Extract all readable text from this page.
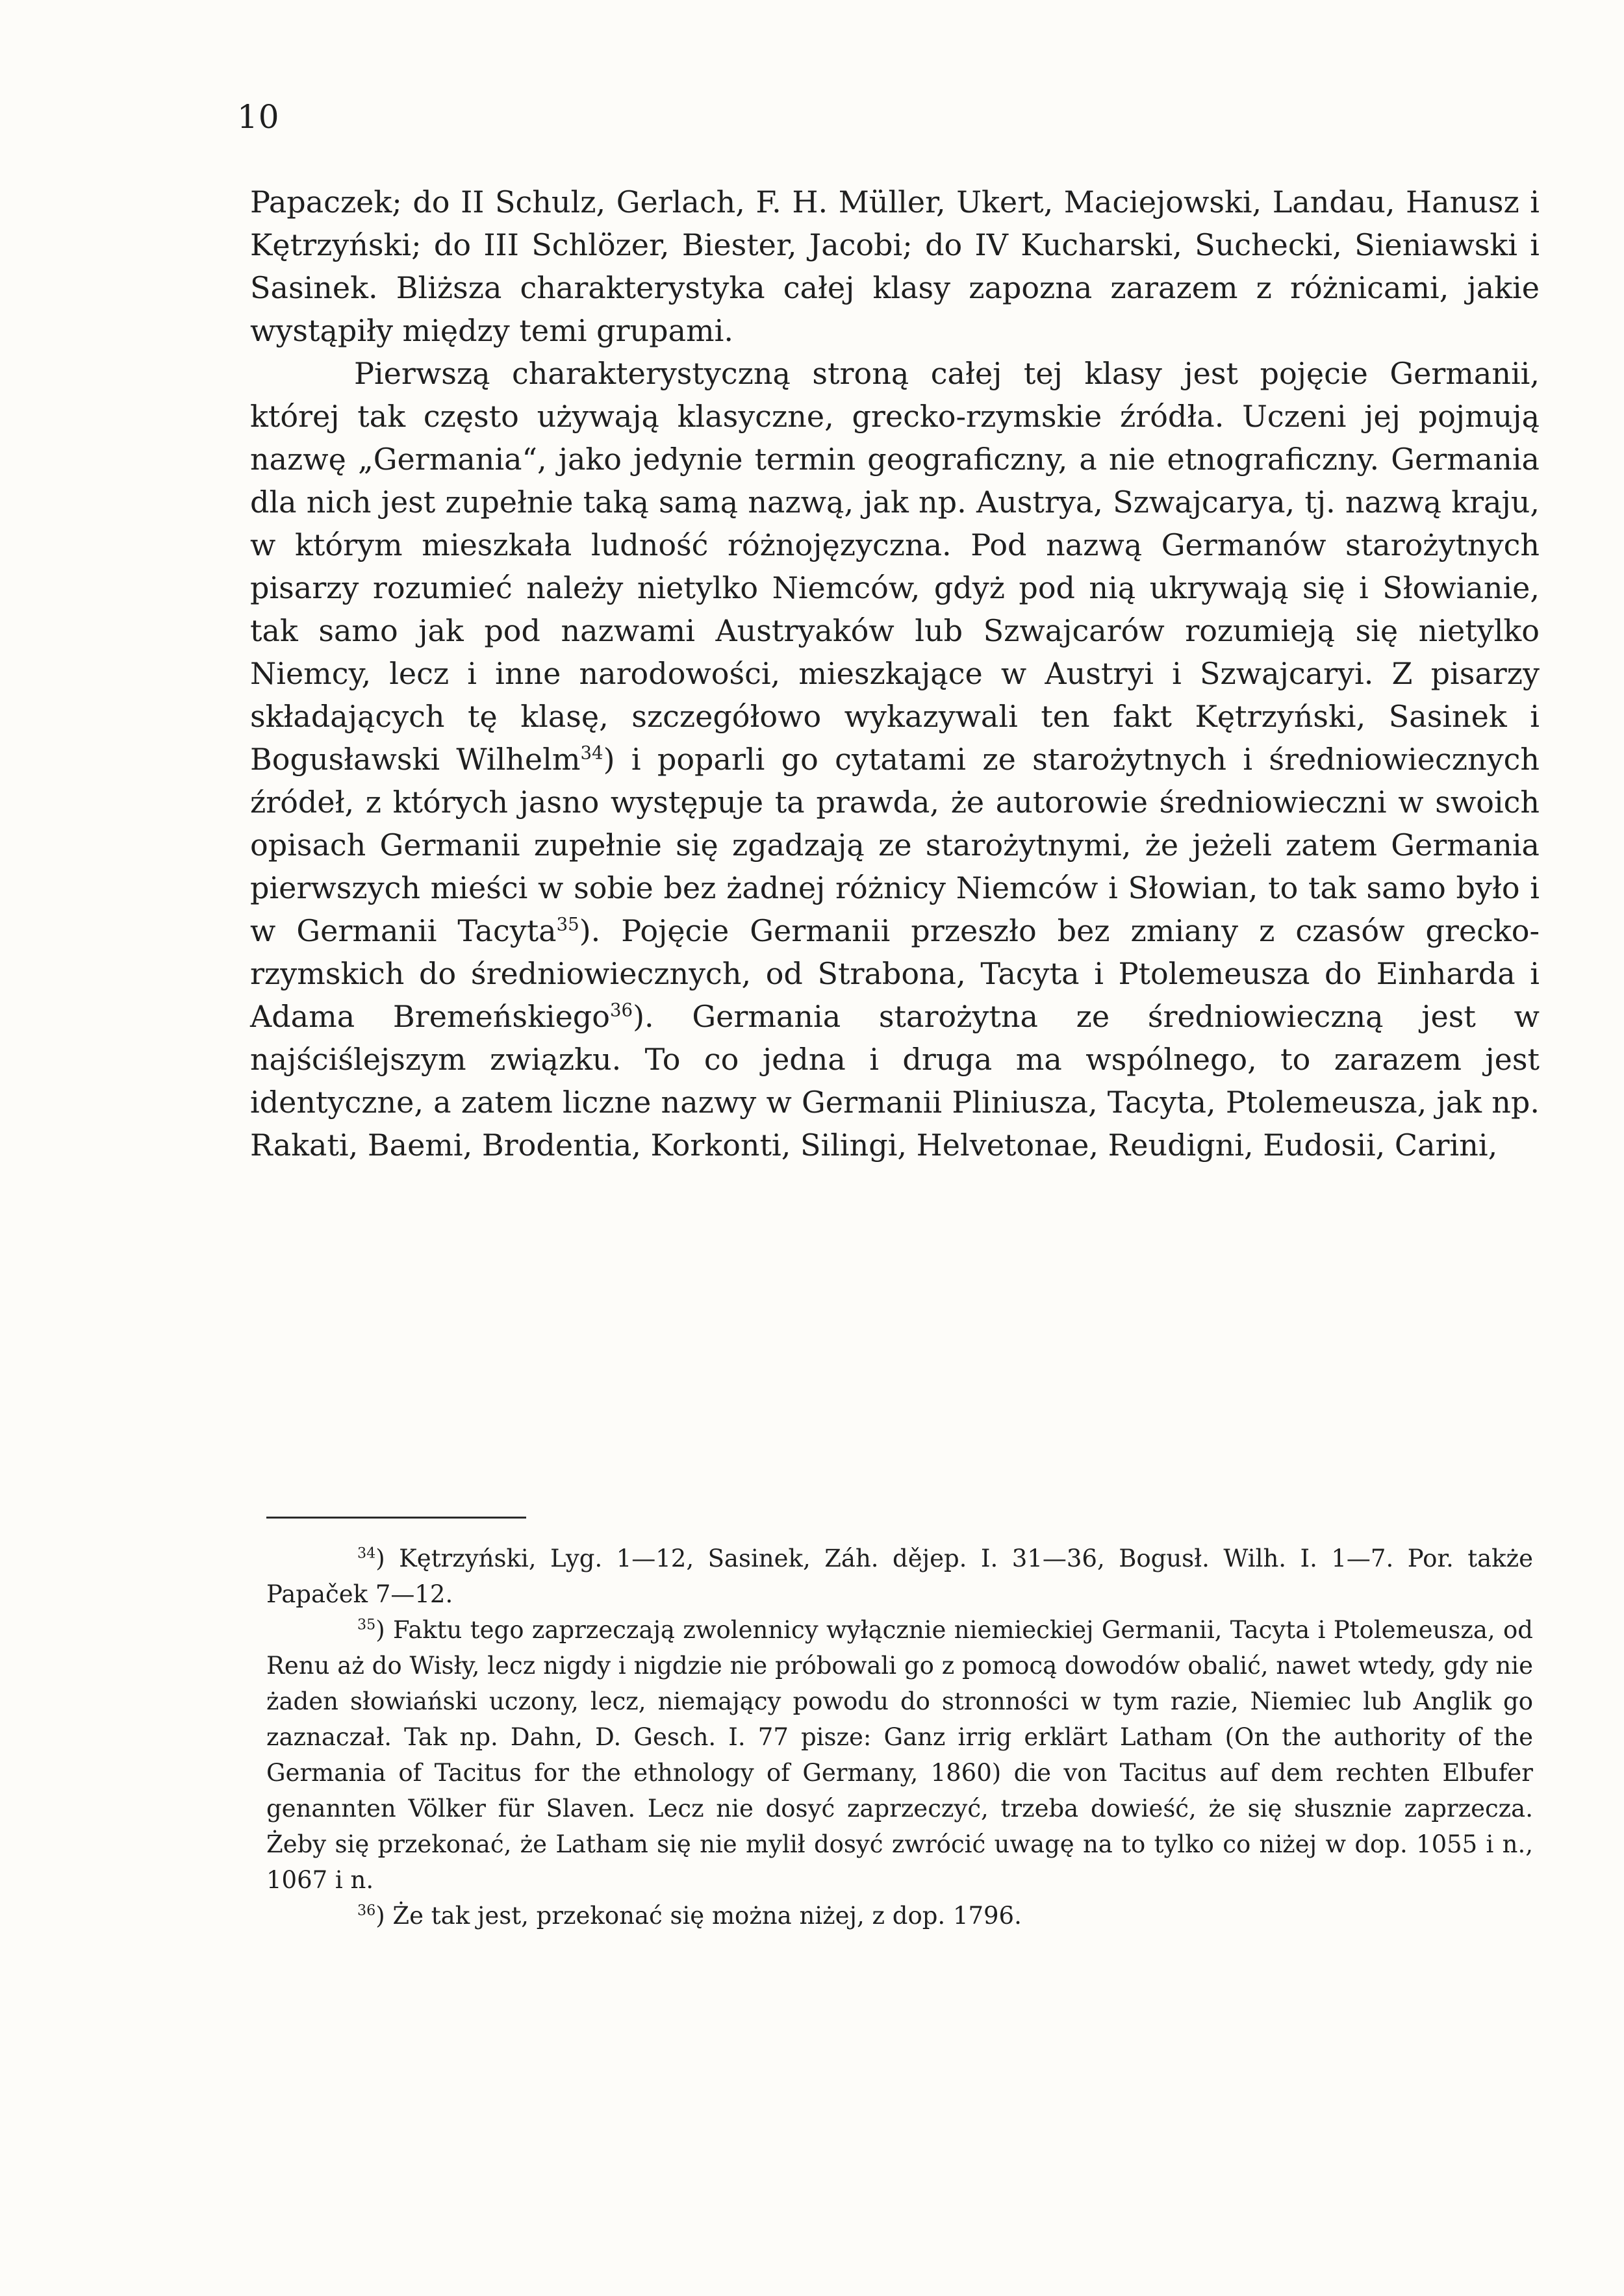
10

Papaczek; do II Schulz, Gerlach, F. H. Müller, Ukert, Maciejowski, Landau, Hanusz i Kętrzyński; do III Schlözer, Biester, Jacobi; do IV Kucharski, Suchecki, Sieniawski i Sasinek. Bliższa charakterystyka całej klasy zapozna zarazem z różnicami, jakie wystąpiły między temi grupami.

Pierwszą charakterystyczną stroną całej tej klasy jest pojęcie Germanii, której tak często używają klasyczne, grecko-rzymskie źródła. Uczeni jej pojmują nazwę „Germania“, jako jedynie termin geograficzny, a nie etnograficzny. Germania dla nich jest zupełnie taką samą nazwą, jak np. Austrya, Szwajcarya, tj. nazwą kraju, w którym mieszkała ludność różnojęzyczna. Pod nazwą Germanów starożytnych pisarzy rozumieć należy nietylko Niemców, gdyż pod nią ukrywają się i Słowianie, tak samo jak pod nazwami Austryaków lub Szwajcarów rozumieją się nietylko Niemcy, lecz i inne narodowości, mieszkające w Austryi i Szwajcaryi. Z pisarzy składających tę klasę, szczegółowo wykazywali ten fakt Kętrzyński, Sasinek i Bogusławski Wilhelm$^{34}$) i poparli go cytatami ze starożytnych i średniowiecznych źródeł, z których jasno występuje ta prawda, że autorowie średniowieczni w swoich opisach Germanii zupełnie się zgadzają ze starożytnymi, że jeżeli zatem Germania pierwszych mieści w sobie bez żadnej różnicy Niemców i Słowian, to tak samo było i w Germanii Tacyta$^{35}$). Pojęcie Germanii przeszło bez zmiany z czasów grecko-rzymskich do średniowiecznych, od Strabona, Tacyta i Ptolemeusza do Einharda i Adama Bremeńskiego$^{36}$). Germania starożytna ze średniowieczną jest w najściślejszym związku. To co jedna i druga ma wspólnego, to zarazem jest identyczne, a zatem liczne nazwy w Germanii Pliniusza, Tacyta, Ptolemeusza, jak np. Rakati, Baemi, Brodentia, Korkonti, Silingi, Helvetonae, Reudigni, Eudosii, Carini,

$^{34}$) Kętrzyński, Lyg. 1—12, Sasinek, Záh. dějep. I. 31—36, Bogusł. Wilh. I. 1—7. Por. także Papaček 7—12.

$^{35}$) Faktu tego zaprzeczają zwolennicy wyłącznie niemieckiej Germanii, Tacyta i Ptolemeusza, od Renu aż do Wisły, lecz nigdy i nigdzie nie próbowali go z pomocą dowodów obalić, nawet wtedy, gdy nie żaden słowiański uczony, lecz, niemający powodu do stronności w tym razie, Niemiec lub Anglik go zaznaczał. Tak np. Dahn, D. Gesch. I. 77 pisze: Ganz irrig erklärt Latham (On the authority of the Germania of Tacitus for the ethnology of Germany, 1860) die von Tacitus auf dem rechten Elbufer genannten Völker für Slaven. Lecz nie dosyć zaprzeczyć, trzeba dowieść, że się słusznie zaprzecza. Żeby się przekonać, że Latham się nie mylił dosyć zwrócić uwagę na to tylko co niżej w dop. 1055 i n., 1067 i n.

$^{36}$) Że tak jest, przekonać się można niżej, z dop. 1796.
